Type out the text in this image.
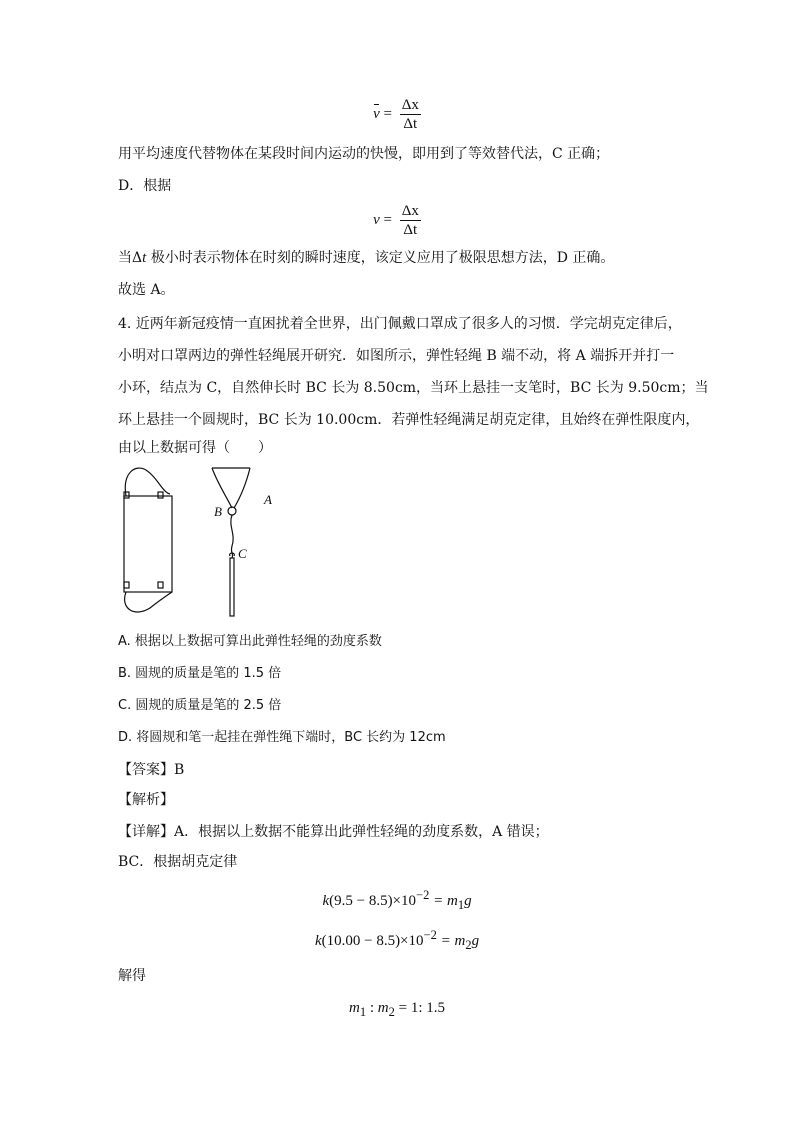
$v = \frac{\Delta x}{\Delta t}$
用平均速度代替物体在某段时间内运动的快慢，即用到了等效替代法，C 正确；
D．根据
$v = \frac{\Delta x}{\Delta t}$
当Δt 极小时表示物体在时刻的瞬时速度，该定义应用了极限思想方法，D 正确。
故选 A。
4. 近两年新冠疫情一直困扰着全世界，出门佩戴口罩成了很多人的习惯．学完胡克定律后，
小明对口罩两边的弹性轻绳展开研究．如图所示，弹性轻绳 B 端不动，将 A 端拆开并打一
小环，结点为 C，自然伸长时 BC 长为 8.50cm，当环上悬挂一支笔时，BC 长为 9.50cm；当
环上悬挂一个圆规时，BC 长为 10.00cm．若弹性轻绳满足胡克定律，且始终在弹性限度内，
由以上数据可得（　　）
A
B
C
A. 根据以上数据可算出此弹性轻绳的劲度系数
B. 圆规的质量是笔的 1.5 倍
C. 圆规的质量是笔的 2.5 倍
D. 将圆规和笔一起挂在弹性绳下端时，BC 长约为 12cm
【答案】B
【解析】
【详解】A．根据以上数据不能算出此弹性轻绳的劲度系数，A 错误；
BC．根据胡克定律
$k(9.5 - 8.5)\times 10^{-2} = m_1g$
$k(10.00 - 8.5)\times 10^{-2} = m_2g$
解得
$m_1$ : $m_2 = 1$: 1.5
